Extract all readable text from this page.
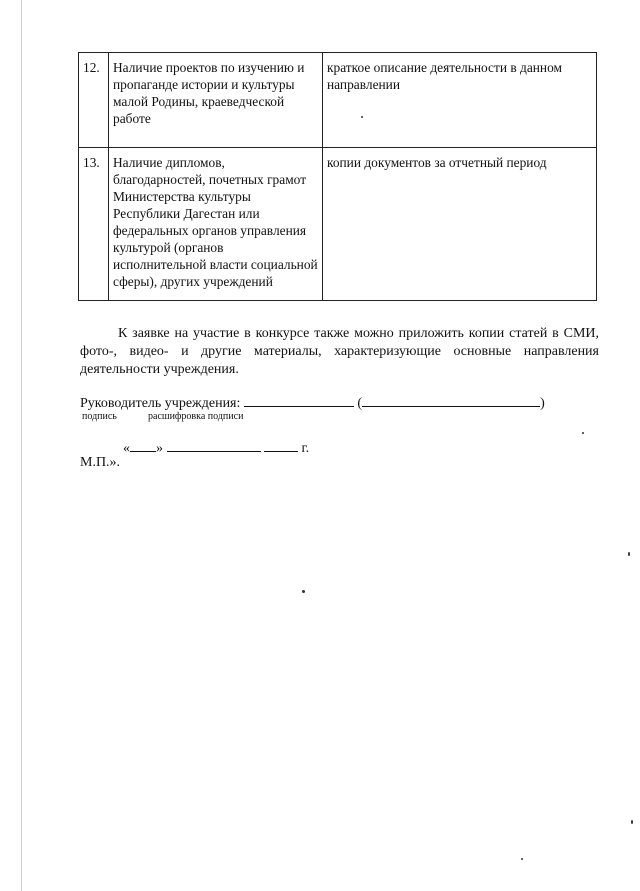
12.	Наличие проектов по изучению и пропаганде истории и культуры малой Родины, краеведческой работе	краткое описание деятельности в данном направлении
13.	Наличие дипломов, благодарностей, почетных грамот Министерства культуры Республики Дагестан или федеральных органов управления культурой (органов исполнительной власти социальной сферы), других учреждений	копии документов за отчетный период

К заявке на участие в конкурсе также можно приложить копии статей в СМИ, фото-, видео- и другие материалы, характеризующие основные направления деятельности учреждения.

Руководитель учреждения:	(	)
подпись	расшифровка подписи
« »	г.
М.П.».
